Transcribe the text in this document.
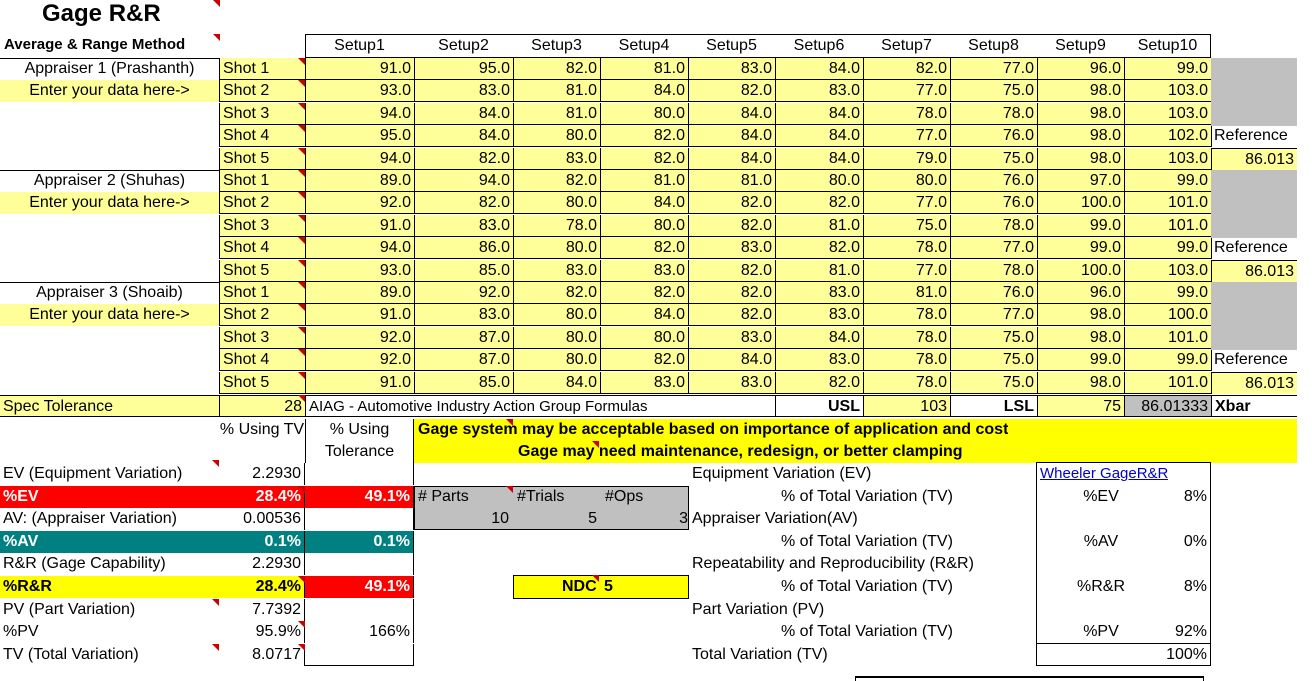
Gage R&R
Average & Range Method	Setup1	Setup2	Setup3	Setup4	Setup5	Setup6	Setup7	Setup8	Setup9	Setup10
Appraiser 1 (Prashanth)
Enter your data here->
Shot 1	91.0	95.0	82.0	81.0	83.0	84.0	82.0	77.0	96.0	99.0
Shot 2	93.0	83.0	81.0	84.0	82.0	83.0	77.0	75.0	98.0	103.0
Shot 3	94.0	84.0	81.0	80.0	84.0	84.0	78.0	78.0	98.0	103.0
Shot 4	95.0	84.0	80.0	82.0	84.0	84.0	77.0	76.0	98.0	102.0
Shot 5	94.0	82.0	83.0	82.0	84.0	84.0	79.0	75.0	98.0	103.0
Reference
86.013
Appraiser 2 (Shuhas)
Enter your data here->
Shot 1	89.0	94.0	82.0	81.0	81.0	80.0	80.0	76.0	97.0	99.0
Shot 2	92.0	82.0	80.0	84.0	82.0	82.0	77.0	76.0	100.0	101.0
Shot 3	91.0	83.0	78.0	80.0	82.0	81.0	75.0	78.0	99.0	101.0
Shot 4	94.0	86.0	80.0	82.0	83.0	82.0	78.0	77.0	99.0	99.0
Shot 5	93.0	85.0	83.0	83.0	82.0	81.0	77.0	78.0	100.0	103.0
Reference
86.013
Appraiser 3 (Shoaib)
Enter your data here->
Shot 1	89.0	92.0	82.0	82.0	82.0	83.0	81.0	76.0	96.0	99.0
Shot 2	91.0	83.0	80.0	84.0	82.0	83.0	78.0	77.0	98.0	100.0
Shot 3	92.0	87.0	80.0	80.0	83.0	84.0	78.0	75.0	98.0	101.0
Shot 4	92.0	87.0	80.0	82.0	84.0	83.0	78.0	75.0	99.0	99.0
Shot 5	91.0	85.0	84.0	83.0	83.0	82.0	78.0	75.0	98.0	101.0
Reference
86.013
Spec Tolerance	28 AIAG - Automotive Industry Action Group Formulas	USL	103	LSL	75	86.01333 Xbar
% Using TV	% Using Tolerance
EV (Equipment Variation)	2.2930
%EV	28.4%	49.1%
AV: (Appraiser Variation)	0.00536
%AV	0.1%	0.1%
R&R (Gage Capability)	2.2930
%R&R	28.4%	49.1%
PV (Part Variation)	7.7392
%PV	95.9%	166%
TV (Total Variation)	8.0717
Gage system may be acceptable based on importance of application and cost
Gage may need maintenance, redesign, or better clamping
# Parts	#Trials	#Ops
10	5	3
NDC 5
Equipment Variation (EV)
% of Total Variation (TV)
Appraiser Variation(AV)
% of Total Variation (TV)
Repeatability and Reproducibility (R&R)
% of Total Variation (TV)
Part Variation (PV)
% of Total Variation (TV)
Total Variation (TV)
Wheeler GageR&R
%EV	8%
%AV	0%
%R&R	8%
%PV	92%
100%
